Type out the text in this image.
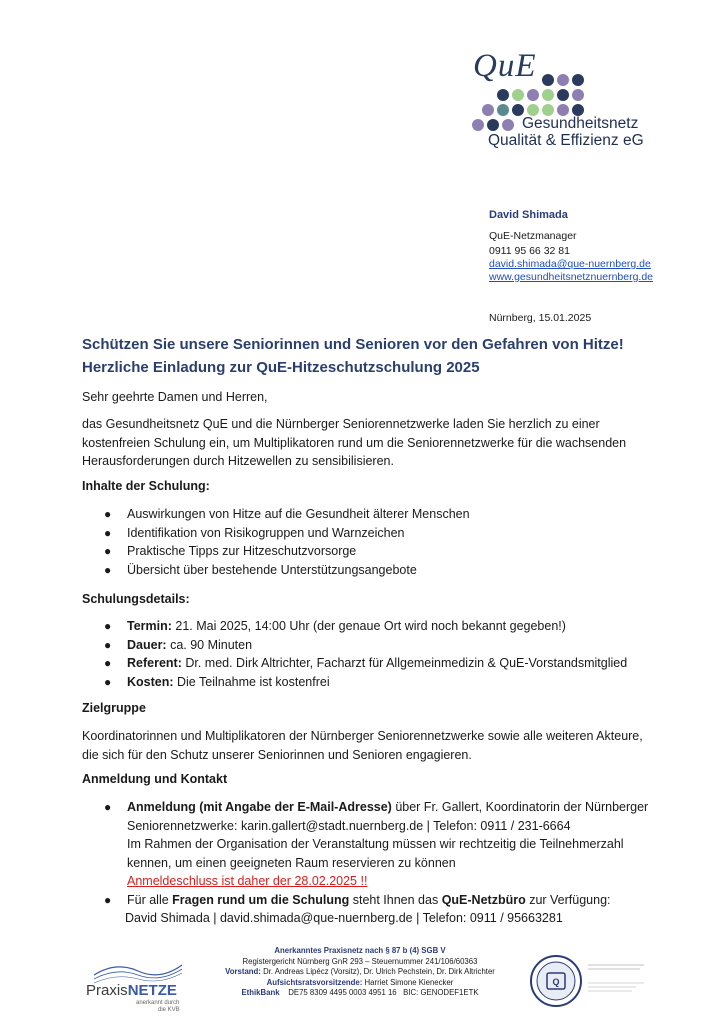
QuE
Gesundheitsnetz
Qualität & Effizienz eG
David Shimada
QuE-Netzmanager
0911 95 66 32 81
david.shimada@que-nuernberg.de
www.gesundheitsnetznuernberg.de
Nürnberg, 15.01.2025
Schützen Sie unsere Seniorinnen und Senioren vor den Gefahren von Hitze!
Herzliche Einladung zur QuE-Hitzeschutzschulung 2025
Sehr geehrte Damen und Herren,
das Gesundheitsnetz QuE und die Nürnberger Seniorennetzwerke laden Sie herzlich zu einer kostenfreien Schulung ein, um Multiplikatoren rund um die Seniorennetzwerke für die wachsenden Herausforderungen durch Hitzewellen zu sensibilisieren.
Inhalte der Schulung:
● Auswirkungen von Hitze auf die Gesundheit älterer Menschen
● Identifikation von Risikogruppen und Warnzeichen
● Praktische Tipps zur Hitzeschutzvorsorge
● Übersicht über bestehende Unterstützungsangebote
Schulungsdetails:
● Termin: 21. Mai 2025, 14:00 Uhr (der genaue Ort wird noch bekannt gegeben!)
● Dauer: ca. 90 Minuten
● Referent: Dr. med. Dirk Altrichter, Facharzt für Allgemeinmedizin & QuE-Vorstandsmitglied
● Kosten: Die Teilnahme ist kostenfrei
Zielgruppe
Koordinatorinnen und Multiplikatoren der Nürnberger Seniorennetzwerke sowie alle weiteren Akteure, die sich für den Schutz unserer Seniorinnen und Senioren engagieren.
Anmeldung und Kontakt
● Anmeldung (mit Angabe der E-Mail-Adresse) über Fr. Gallert, Koordinatorin der Nürnberger
Seniorennetzwerke: karin.gallert@stadt.nuernberg.de | Telefon: 0911 / 231-6664
Im Rahmen der Organisation der Veranstaltung müssen wir rechtzeitig die Teilnehmerzahl
kennen, um einen geeigneten Raum reservieren zu können
Anmeldeschluss ist daher der 28.02.2025 !!
● Für alle Fragen rund um die Schulung steht Ihnen das QuE-Netzbüro zur Verfügung:
David Shimada | david.shimada@que-nuernberg.de | Telefon: 0911 / 95663281
PraxisNETZE
anerkannt durch
die KVB
Anerkanntes Praxisnetz nach § 87 b (4) SGB V
Registergericht Nürnberg GnR 293 – Steuernummer 241/106/60363
Vorstand: Dr. Andreas Lipécz (Vorsitz), Dr. Ulrich Pechstein, Dr. Dirk Altrichter
Aufsichtsratsvorsitzende: Harriet Simone Kienecker
EthikBank    DE75 8309 4495 0003 4951 16   BIC: GENODEF1ETK
Q
